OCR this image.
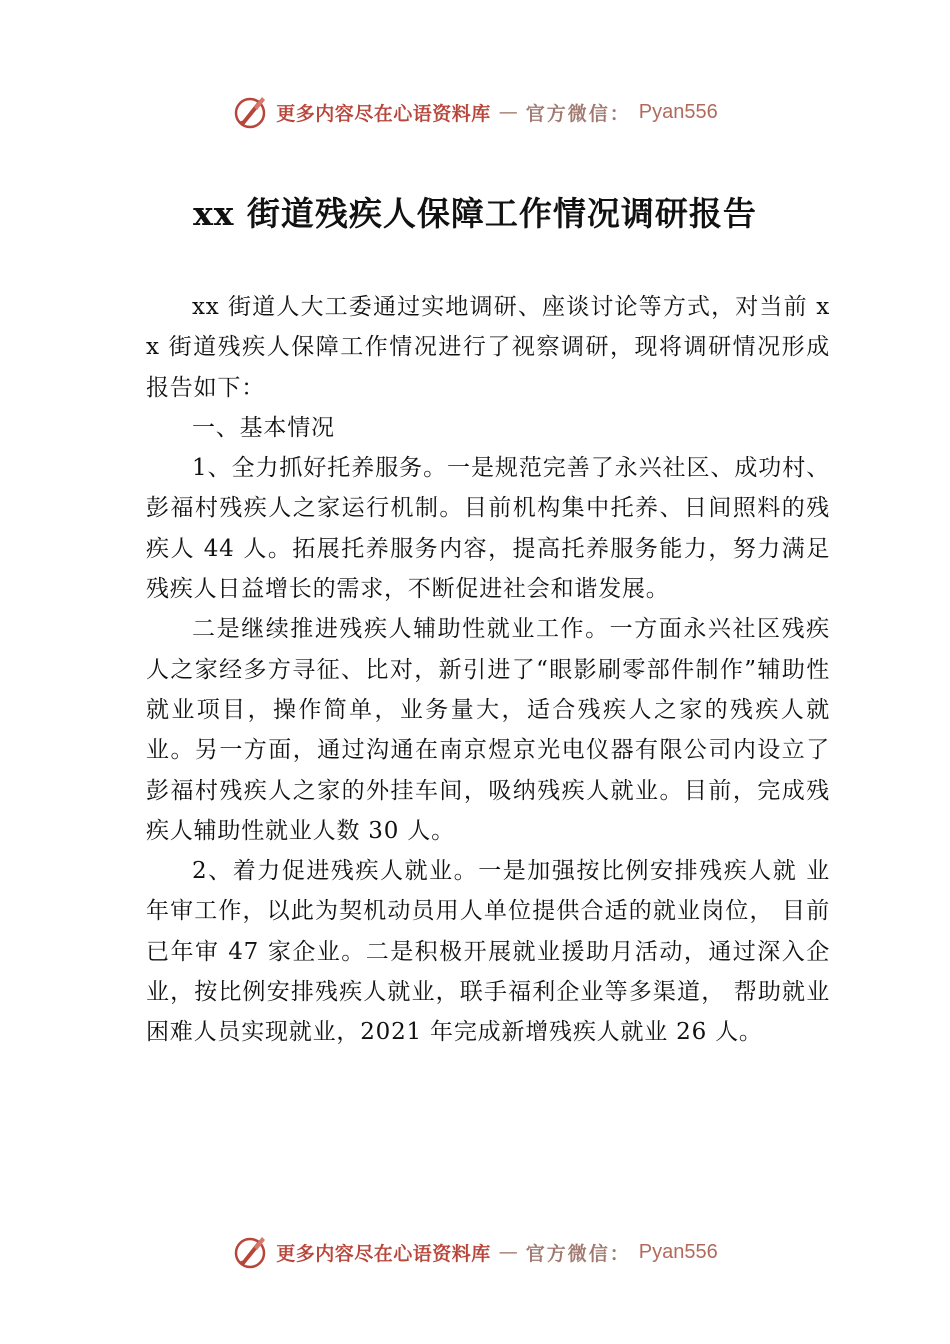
更多内容尽在心语资料库 — 官方微信： Pyan556
xx 街道残疾人保障工作情况调研报告

xx 街道人大工委通过实地调研、座谈讨论等方式，对当前 xx 街道残疾人保障工作情况进行了视察调研，现将调研情况形成报告如下：

一、基本情况

1、全力抓好托养服务。一是规范完善了永兴社区、成功村、彭福村残疾人之家运行机制。目前机构集中托养、日间照料的残疾人 44 人。拓展托养服务内容，提高托养服务能力，努力满足残疾人日益增长的需求，不断促进社会和谐发展。

二是继续推进残疾人辅助性就业工作。一方面永兴社区残疾人之家经多方寻征、比对，新引进了“眼影刷零部件制作”辅助性就业项目，操作简单，业务量大，适合残疾人之家的残疾人就业。另一方面，通过沟通在南京煜京光电仪器有限公司内设立了彭福村残疾人之家的外挂车间，吸纳残疾人就业。目前，完成残疾人辅助性就业人数 30 人。

2、着力促进残疾人就业。一是加强按比例安排残疾人就 业年审工作，以此为契机动员用人单位提供合适的就业岗位， 目前已年审 47 家企业。二是积极开展就业援助月活动，通过深入企业，按比例安排残疾人就业，联手福利企业等多渠道， 帮助就业困难人员实现就业，2021 年完成新增残疾人就业 26 人。

更多内容尽在心语资料库 — 官方微信： Pyan556
